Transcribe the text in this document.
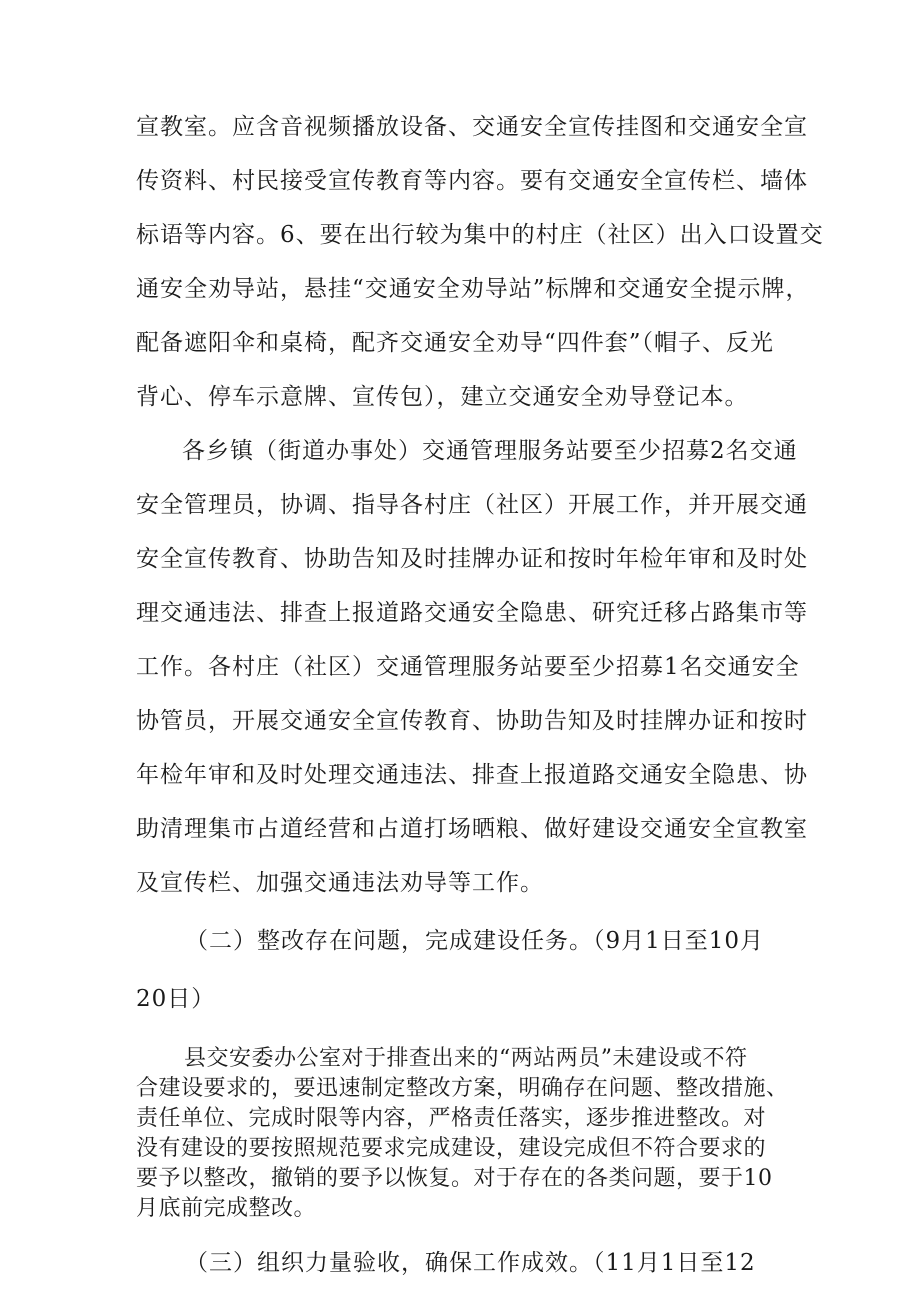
宣教室。应含音视频播放设备、交通安全宣传挂图和交通安全宣
传资料、村民接受宣传教育等内容。要有交通安全宣传栏、墙体
标语等内容。6、要在出行较为集中的村庄（社区）出入口设置交
通安全劝导站，悬挂“交通安全劝导站”标牌和交通安全提示牌，
配备遮阳伞和桌椅，配齐交通安全劝导“四件套”（帽子、反光
背心、停车示意牌、宣传包），建立交通安全劝导登记本。
各乡镇（街道办事处）交通管理服务站要至少招募2名交通
安全管理员，协调、指导各村庄（社区）开展工作，并开展交通
安全宣传教育、协助告知及时挂牌办证和按时年检年审和及时处
理交通违法、排查上报道路交通安全隐患、研究迁移占路集市等
工作。各村庄（社区）交通管理服务站要至少招募1名交通安全
协管员，开展交通安全宣传教育、协助告知及时挂牌办证和按时
年检年审和及时处理交通违法、排查上报道路交通安全隐患、协
助清理集市占道经营和占道打场晒粮、做好建设交通安全宣教室
及宣传栏、加强交通违法劝导等工作。
（二）整改存在问题，完成建设任务。（9月1日至10月
20日）
县交安委办公室对于排查出来的“两站两员”未建设或不符
合建设要求的，要迅速制定整改方案，明确存在问题、整改措施、
责任单位、完成时限等内容，严格责任落实，逐步推进整改。对
没有建设的要按照规范要求完成建设，建设完成但不符合要求的
要予以整改，撤销的要予以恢复。对于存在的各类问题，要于10
月底前完成整改。
（三）组织力量验收，确保工作成效。（11月1日至12
